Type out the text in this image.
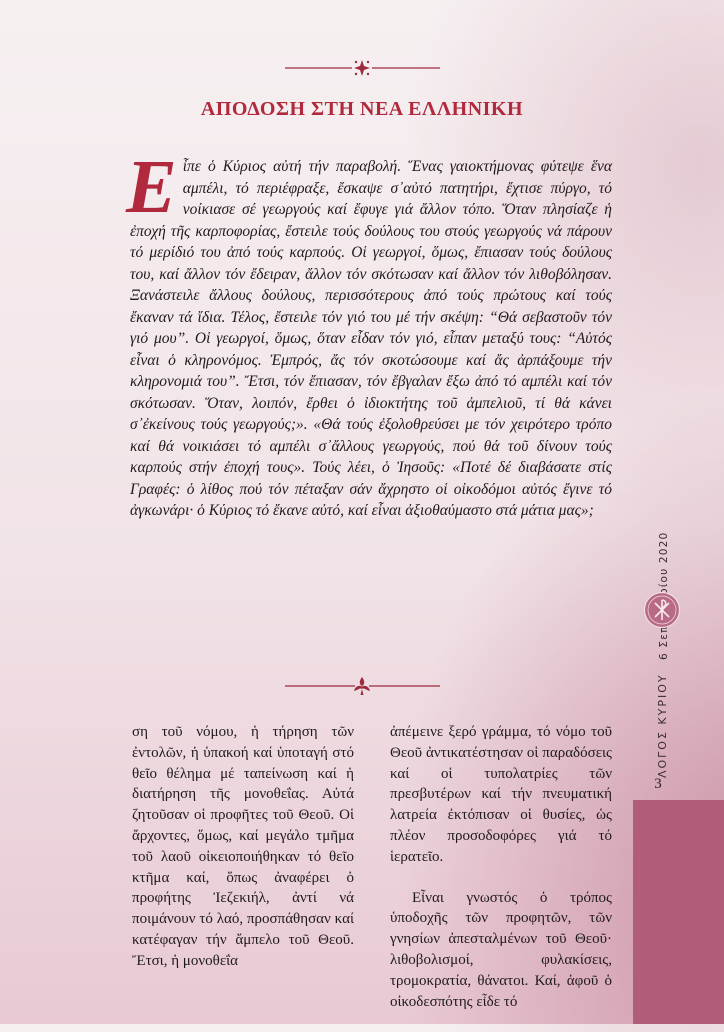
ΑΠΟΔΟΣΗ ΣΤΗ ΝΕΑ ΕΛΛΗΝΙΚΗ
Εἶπε ὁ Κύριος αὐτή τήν παραβολή. Ἕνας γαιοκτήμονας φύτεψε ἕνα αμπέλι, τό περιέφραξε, ἔσκαψε σ᾽αὐτό πατητήρι, ἔχτισε πύργο, τό νοίκιασε σέ γεωργούς καί ἔφυγε γιά ἄλλον τόπο. Ὅταν πλησίαζε ἡ ἐποχή τῆς καρποφορίας, ἔστειλε τούς δούλους του στούς γεωργούς νά πάρουν τό μερίδιό του ἀπό τούς καρπούς. Οἱ γεωργοί, ὅμως, ἔπιασαν τούς δούλους του, καί ἄλλον τόν ἔδειραν, ἄλλον τόν σκότωσαν καί ἄλλον τόν λιθοβόλησαν. Ξανάστειλε ἄλλους δούλους, περισσότερους ἀπό τούς πρώτους καί τούς ἔκαναν τά ἴδια. Τέλος, ἔστειλε τόν γιό του μέ τήν σκέψη: “Θά σεβαστοῦν τόν γιό μου”. Οἱ γεωργοί, ὅμως, ὅταν εἶδαν τόν γιό, εἶπαν μεταξύ τους: “Αὐτός εἶναι ὁ κληρονόμος. Ἐμπρός, ἄς τόν σκοτώσουμε καί ἄς ἀρπάξουμε τήν κληρονομιά του”. Ἔτσι, τόν ἔπιασαν, τόν ἔβγαλαν ἔξω ἀπό τό αμπέλι καί τόν σκότωσαν. Ὅταν, λοιπόν, ἔρθει ὁ ἰδιοκτήτης τοῦ ἀμπελιοῦ, τί θά κάνει σ᾽ἐκείνους τούς γεωργούς;». «Θά τούς ἐξολοθρεύσει με τόν χειρότερο τρόπο καί θά νοικιάσει τό αμπέλι σ᾽ἄλλους γεωργούς, πού θά τοῦ δίνουν τούς καρπούς στήν ἐποχή τους». Τούς λέει, ὁ Ἰησοῦς: «Ποτέ δέ διαβάσατε στίς Γραφές: ὁ λίθος πού τόν πέταξαν σάν ἄχρηστο οἱ οἰκοδόμοι αὐτός ἔγινε τό ἀγκωνάρι· ὁ Κύριος τό ἔκανε αὐτό, καί εἶναι ἀξιοθαύμαστο στά μάτια μας»;

ση τοῦ νόμου, ἡ τήρηση τῶν ἐντολῶν, ἡ ὑπακοή καί ὑποταγή στό θεῖο θέλημα μέ ταπείνωση καί ἡ διατήρηση τῆς μονοθεΐας. Αὐτά ζητοῦσαν οἱ προφῆτες τοῦ Θεοῦ. Οἱ ἄρχοντες, ὅμως, καί μεγάλο τμῆμα τοῦ λαοῦ οἰκειοποιήθηκαν τό θεῖο κτῆμα καί, ὅπως ἀναφέρει ὁ προφήτης Ἰεζεκιήλ, ἀντί νά ποιμάνουν τό λαό, προσπάθησαν καί κατέφαγαν τήν ἄμπελο τοῦ Θεοῦ. Ἔτσι, ἡ μονοθεΐα

ἀπέμεινε ξερό γράμμα, τό νόμο τοῦ Θεοῦ ἀντικατέστησαν οἱ παραδόσεις καί οἱ τυπολατρίες τῶν πρεσβυτέρων καί τήν πνευματική λατρεία ἐκτόπισαν οἱ θυσίες, ὡς πλέον προσοδοφόρες γιά τό ἱερατεῖο.

Εἶναι γνωστός ὁ τρόπος ὑποδοχῆς τῶν προφητῶν, τῶν γνησίων ἀπεσταλμένων τοῦ Θεοῦ· λιθοβολισμοί, φυλακίσεις, τρομοκρατία, θάνατοι. Καί, ἀφοῦ ὁ οἰκοδεσπότης εἶδε τό

ΛΟΓΟΣ ΚΥΡΙΟΥ
3
